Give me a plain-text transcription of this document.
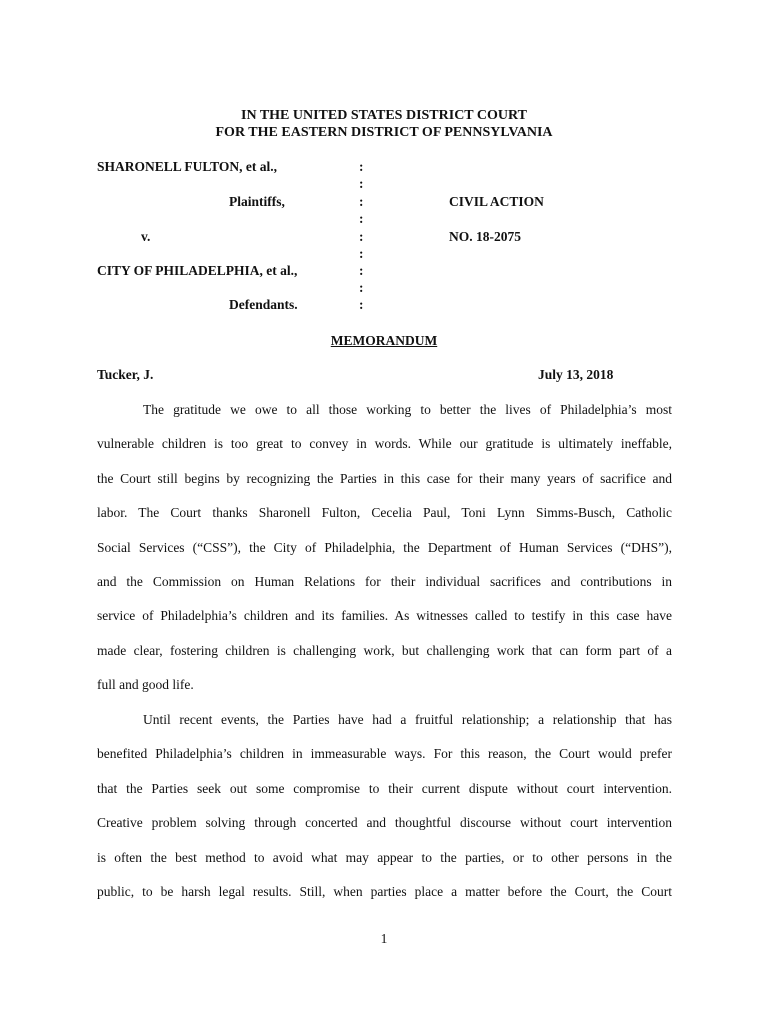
IN THE UNITED STATES DISTRICT COURT
FOR THE EASTERN DISTRICT OF PENNSYLVANIA
SHARONELL FULTON, et al.,
Plaintiffs,
v.
CITY OF PHILADELPHIA, et al.,
Defendants.
CIVIL ACTION
NO. 18-2075
:
:
:
:
:
:
:
:
:
MEMORANDUM
Tucker, J.	July 13, 2018
The gratitude we owe to all those working to better the lives of Philadelphia’s most
vulnerable children is too great to convey in words. While our gratitude is ultimately ineffable,
the Court still begins by recognizing the Parties in this case for their many years of sacrifice and
labor. The Court thanks Sharonell Fulton, Cecelia Paul, Toni Lynn Simms-Busch, Catholic
Social Services (“CSS”), the City of Philadelphia, the Department of Human Services (“DHS”),
and the Commission on Human Relations for their individual sacrifices and contributions in
service of Philadelphia’s children and its families. As witnesses called to testify in this case have
made clear, fostering children is challenging work, but challenging work that can form part of a
full and good life.
Until recent events, the Parties have had a fruitful relationship; a relationship that has
benefited Philadelphia’s children in immeasurable ways. For this reason, the Court would prefer
that the Parties seek out some compromise to their current dispute without court intervention.
Creative problem solving through concerted and thoughtful discourse without court intervention
is often the best method to avoid what may appear to the parties, or to other persons in the
public, to be harsh legal results. Still, when parties place a matter before the Court, the Court
1
